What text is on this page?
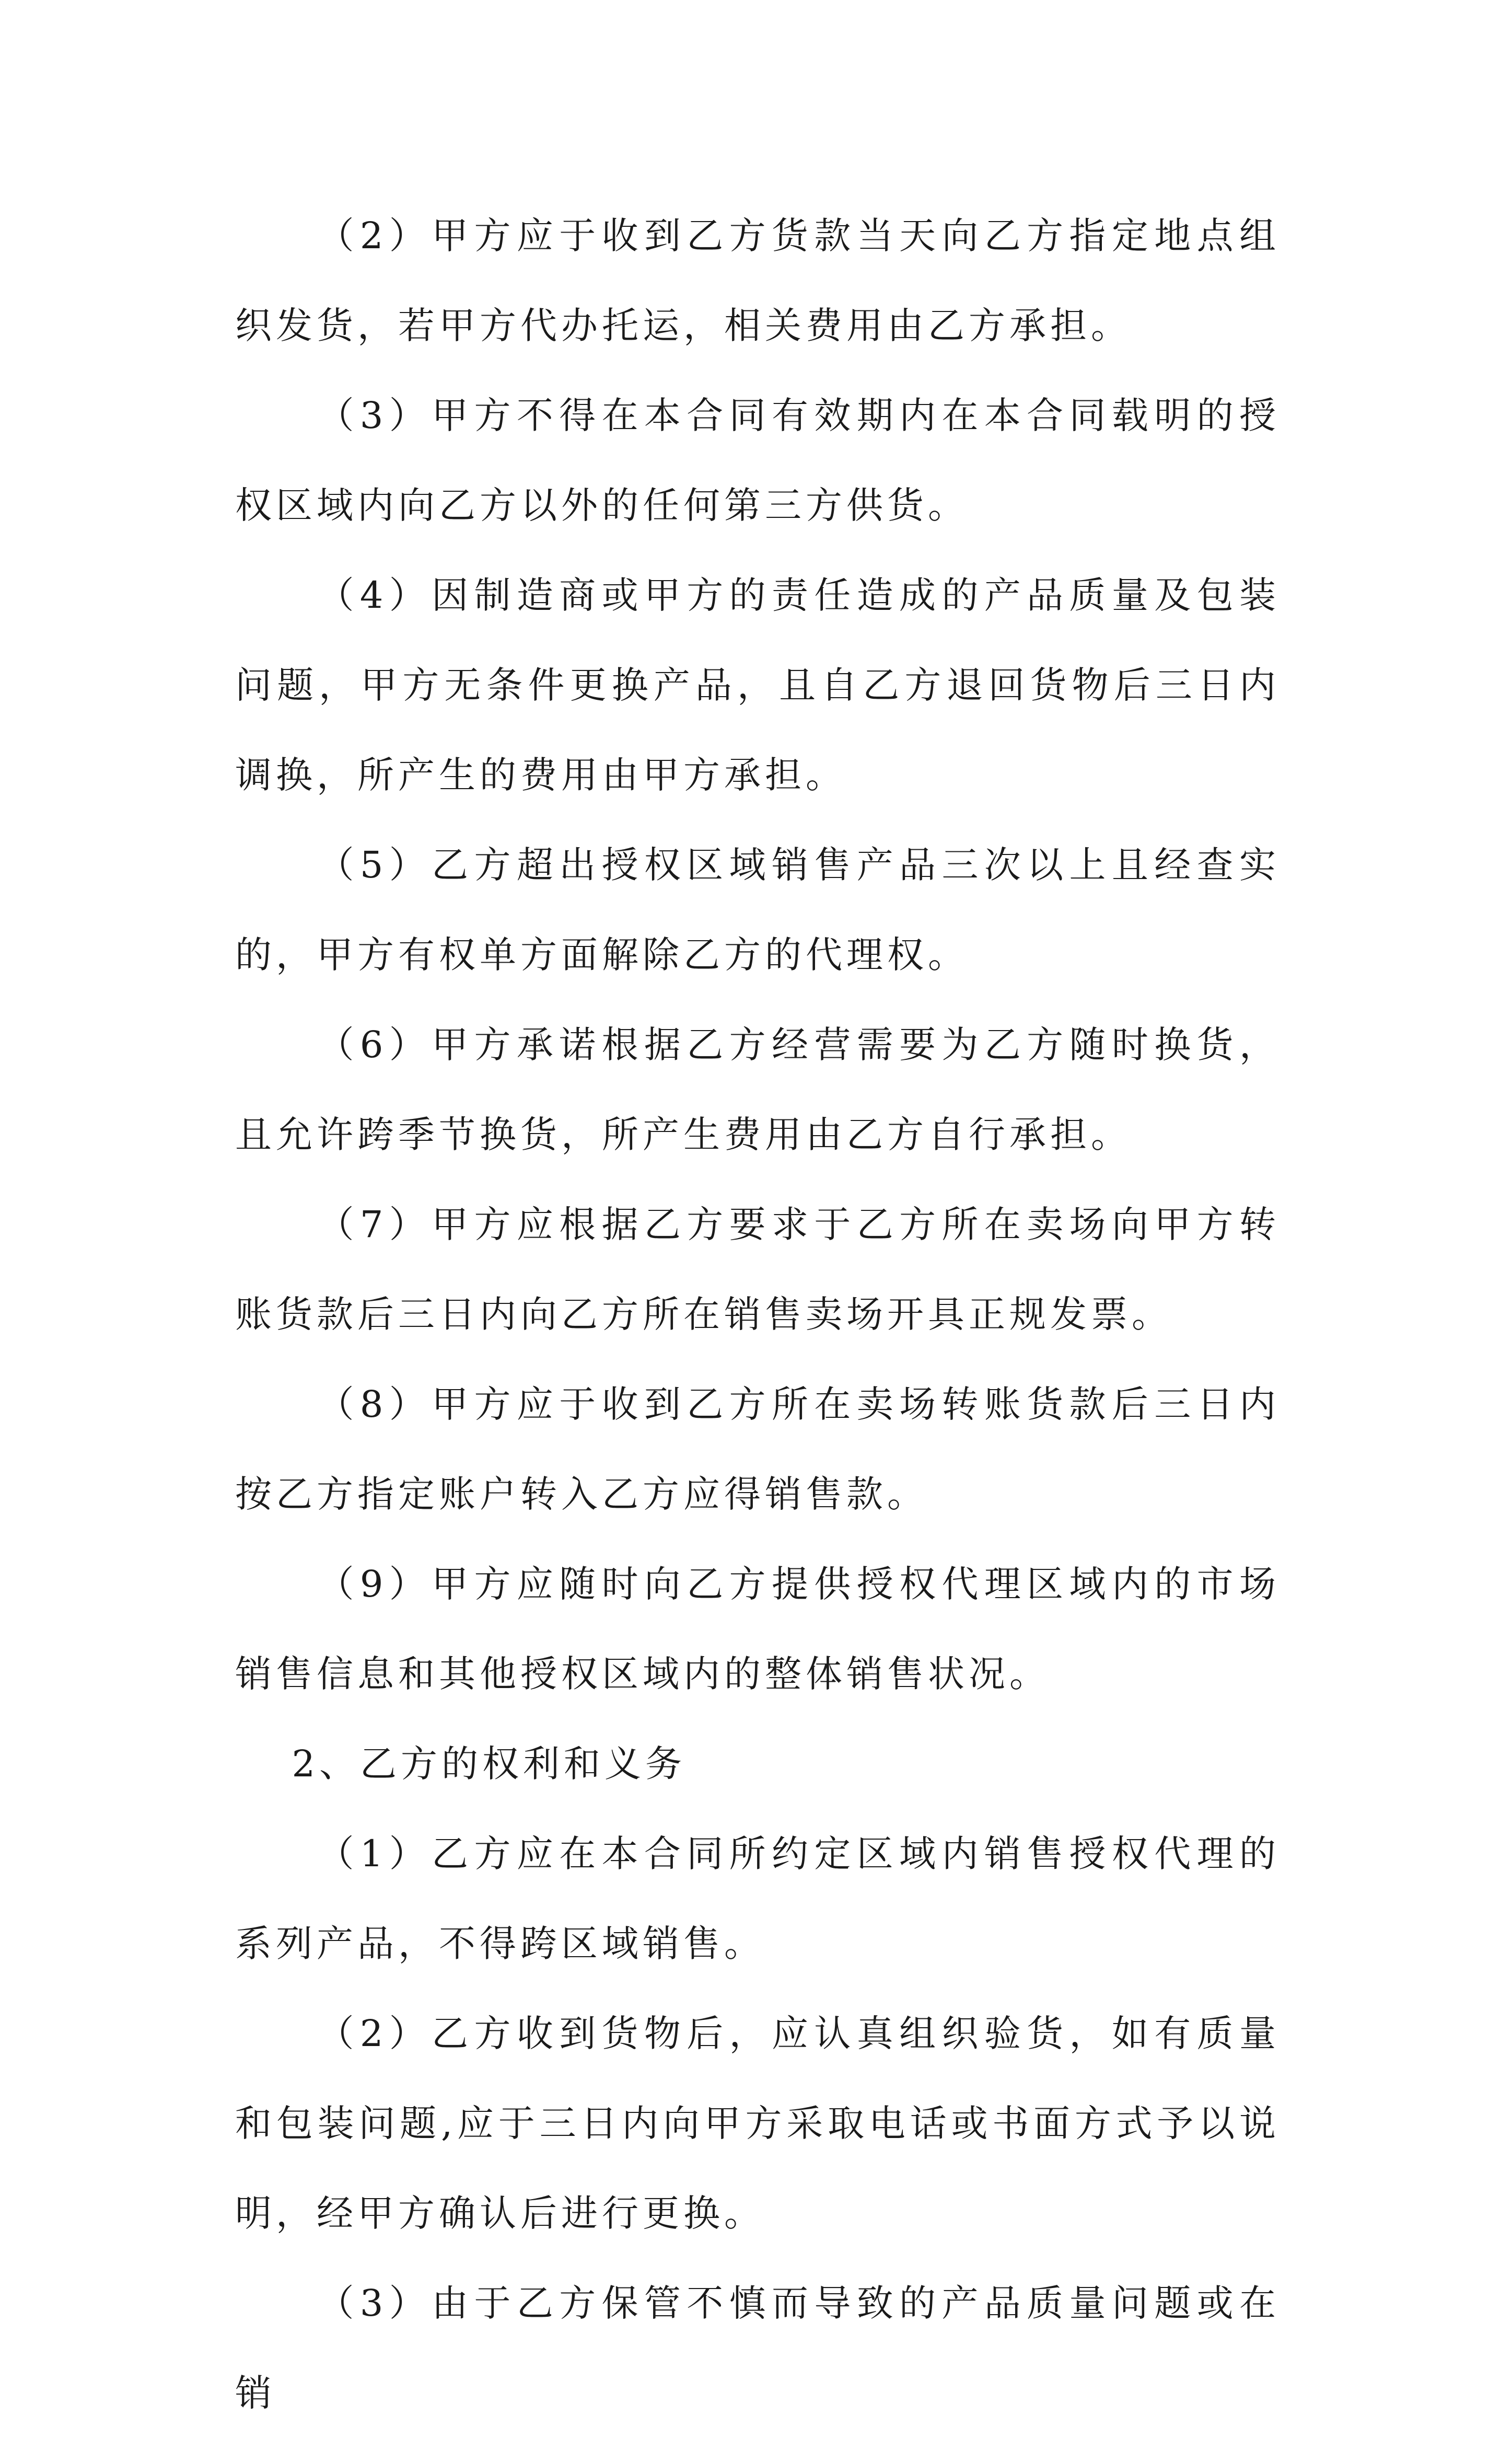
（2）甲方应于收到乙方货款当天向乙方指定地点组织发货，若甲方代办托运，相关费用由乙方承担。

（3）甲方不得在本合同有效期内在本合同载明的授权区域内向乙方以外的任何第三方供货。

（4）因制造商或甲方的责任造成的产品质量及包装问题，甲方无条件更换产品，且自乙方退回货物后三日内调换，所产生的费用由甲方承担。

（5）乙方超出授权区域销售产品三次以上且经查实的，甲方有权单方面解除乙方的代理权。

（6）甲方承诺根据乙方经营需要为乙方随时换货，且允许跨季节换货，所产生费用由乙方自行承担。

（7）甲方应根据乙方要求于乙方所在卖场向甲方转账货款后三日内向乙方所在销售卖场开具正规发票。

（8）甲方应于收到乙方所在卖场转账货款后三日内按乙方指定账户转入乙方应得销售款。

（9）甲方应随时向乙方提供授权代理区域内的市场销售信息和其他授权区域内的整体销售状况。

2、乙方的权利和义务

（1）乙方应在本合同所约定区域内销售授权代理的系列产品，不得跨区域销售。

（2）乙方收到货物后，应认真组织验货，如有质量和包装问题,应于三日内向甲方采取电话或书面方式予以说明，经甲方确认后进行更换。

（3）由于乙方保管不慎而导致的产品质量问题或在销
